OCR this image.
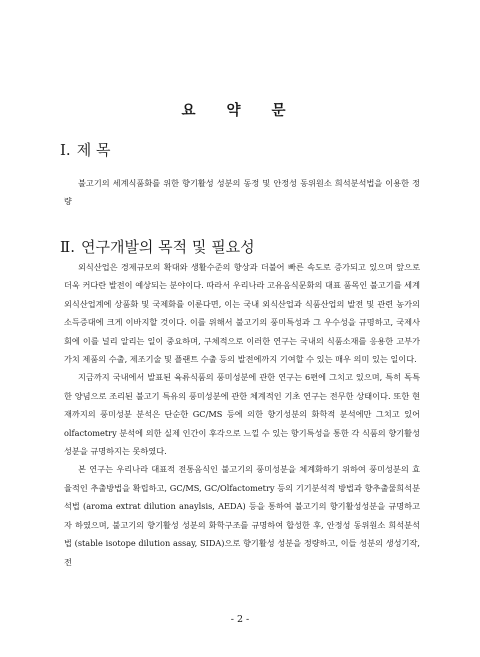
요 약 문
Ⅰ. 제 목

불고기의 세계식품화를 위한 향기활성 성분의 동정 및 안정성 동위원소 희석분석법을 이용한 정량

Ⅱ. 연구개발의 목적 및 필요성

외식산업은 경제규모의 확대와 생활수준의 향상과 더불어 빠른 속도로 증가되고 있으며 앞으로 더욱 커다란 발전이 예상되는 분야이다. 따라서 우리나라 고유음식문화의 대표 품목인 불고기를 세계 외식산업계에 상품화 및 국제화를 이룬다면, 이는 국내 외식산업과 식품산업의 발전 및 관련 농가의 소득증대에 크게 이바지할 것이다. 이를 위해서 불고기의 풍미특성과 그 우수성을 규명하고, 국제사회에 이를 널리 알리는 일이 중요하며, 구체적으로 이러한 연구는 국내의 식품소재를 응용한 고부가가치 제품의 수출, 제조기술 및 플랜트 수출 등의 발전에까지 기여할 수 있는 매우 의미 있는 일이다.

지금까지 국내에서 발표된 육류식품의 풍미성분에 관한 연구는 6편에 그치고 있으며, 특히 독특한 양념으로 조리된 불고기 특유의 풍미성분에 관한 체계적인 기초 연구는 전무한 상태이다. 또한 현재까지의 풍미성분 분석은 단순한 GC/MS 등에 의한 향기성분의 화학적 분석에만 그치고 있어 olfactometry 분석에 의한 실제 인간이 후각으로 느낄 수 있는 향기특성을 통한 각 식품의 향기활성성분을 규명하지는 못하였다.

본 연구는 우리나라 대표적 전통음식인 불고기의 풍미성분을 체계화하기 위하여 풍미성분의 효율적인 추출방법을 확립하고, GC/MS, GC/Olfactometry 등의 기기분석적 방법과 향추출물희석분석법 (aroma extrat dilution anaylsis, AEDA) 등을 통하여 불고기의 향기활성성분을 규명하고자 하였으며, 불고기의 향기활성 성분의 화학구조를 규명하여 합성한 후, 안정성 동위원소 희석분석법 (stable isotope dilution assay, SIDA)으로 향기활성 성분을 정량하고, 이들 성분의 생성기작, 전

- 2 -
